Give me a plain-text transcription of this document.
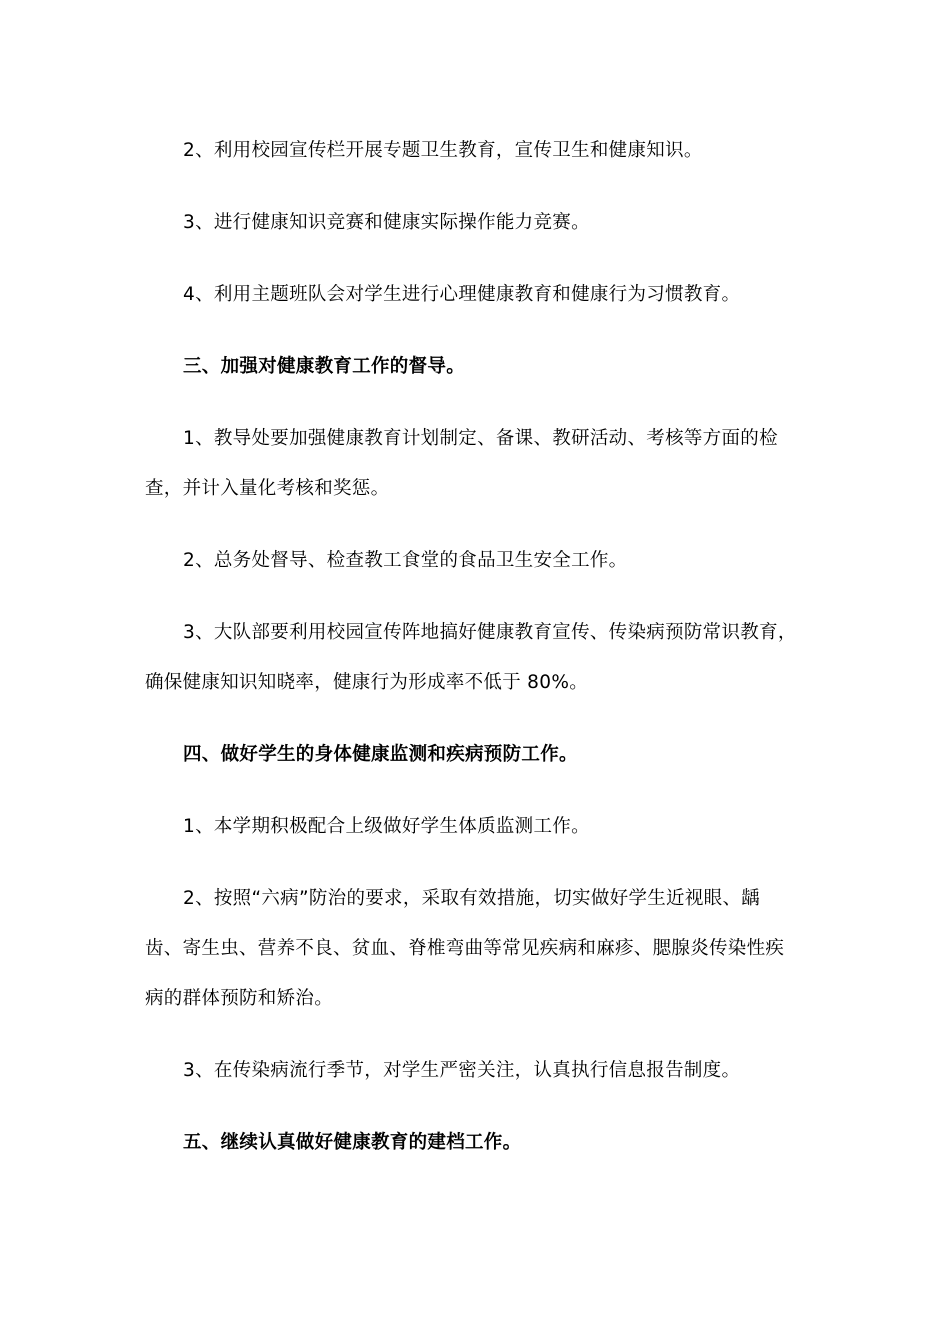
2、利用校园宣传栏开展专题卫生教育，宣传卫生和健康知识。
3、进行健康知识竞赛和健康实际操作能力竞赛。
4、利用主题班队会对学生进行心理健康教育和健康行为习惯教育。
三、加强对健康教育工作的督导。
1、教导处要加强健康教育计划制定、备课、教研活动、考核等方面的检
查，并计入量化考核和奖惩。
2、总务处督导、检查教工食堂的食品卫生安全工作。
3、大队部要利用校园宣传阵地搞好健康教育宣传、传染病预防常识教育，
确保健康知识知晓率，健康行为形成率不低于 80%。
四、做好学生的身体健康监测和疾病预防工作。
1、本学期积极配合上级做好学生体质监测工作。
2、按照“六病”防治的要求，采取有效措施，切实做好学生近视眼、龋
齿、寄生虫、营养不良、贫血、脊椎弯曲等常见疾病和麻疹、腮腺炎传染性疾
病的群体预防和矫治。
3、在传染病流行季节，对学生严密关注，认真执行信息报告制度。
五、继续认真做好健康教育的建档工作。
